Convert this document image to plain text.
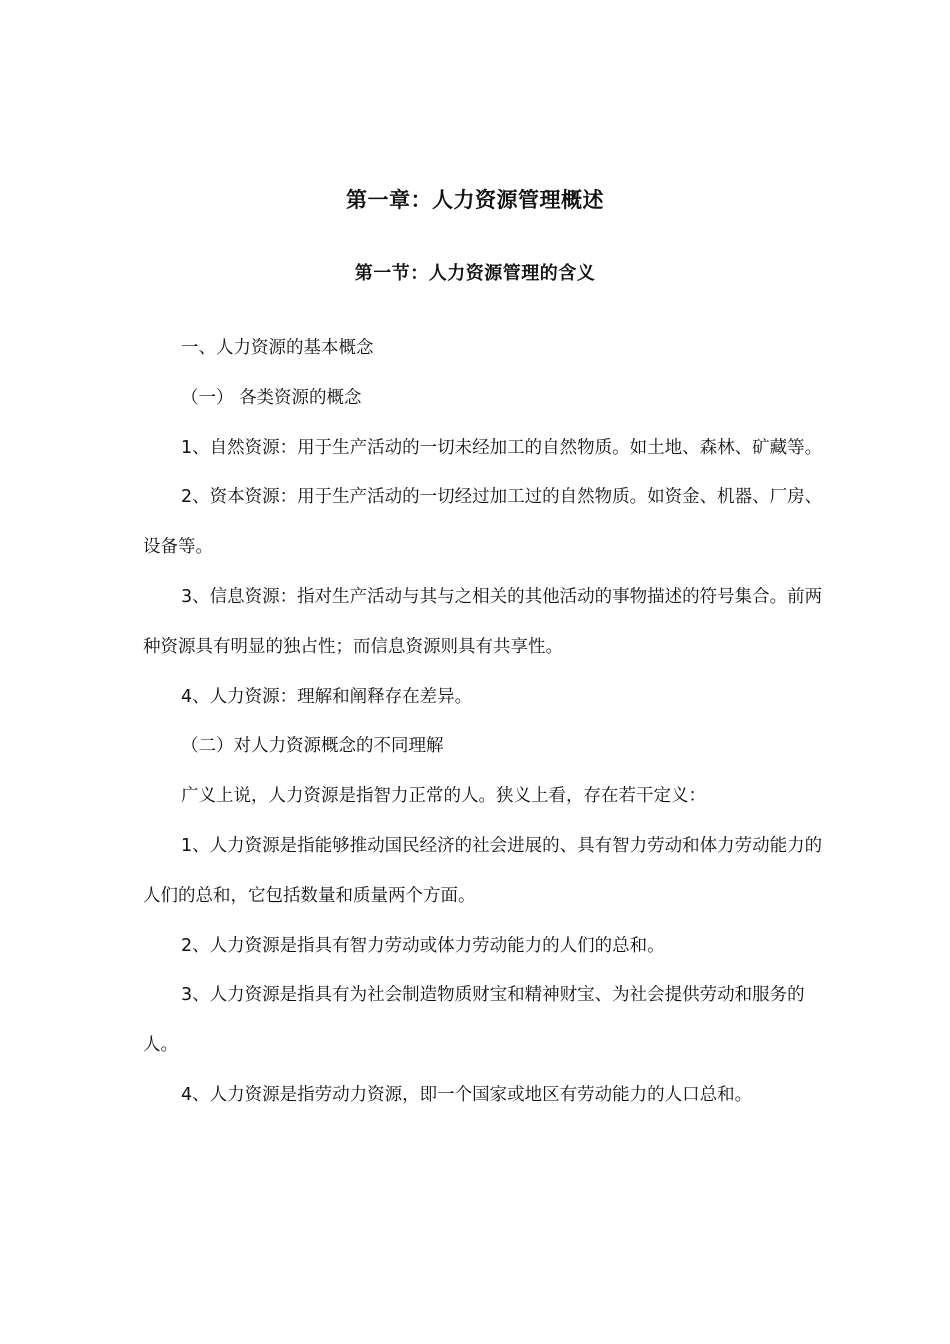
第一章：人力资源管理概述
第一节：人力资源管理的含义

一、人力资源的基本概念

（一） 各类资源的概念

1、自然资源：用于生产活动的一切未经加工的自然物质。如土地、森林、矿藏等。

2、资本资源：用于生产活动的一切经过加工过的自然物质。如资金、机器、厂房、设备等。

3、信息资源：指对生产活动与其与之相关的其他活动的事物描述的符号集合。前两种资源具有明显的独占性；而信息资源则具有共享性。

4、人力资源：理解和阐释存在差异。

（二）对人力资源概念的不同理解

广义上说，人力资源是指智力正常的人。狭义上看，存在若干定义：

1、人力资源是指能够推动国民经济的社会进展的、具有智力劳动和体力劳动能力的人们的总和，它包括数量和质量两个方面。

2、人力资源是指具有智力劳动或体力劳动能力的人们的总和。

3、人力资源是指具有为社会制造物质财宝和精神财宝、为社会提供劳动和服务的人。

4、人力资源是指劳动力资源，即一个国家或地区有劳动能力的人口总和。
